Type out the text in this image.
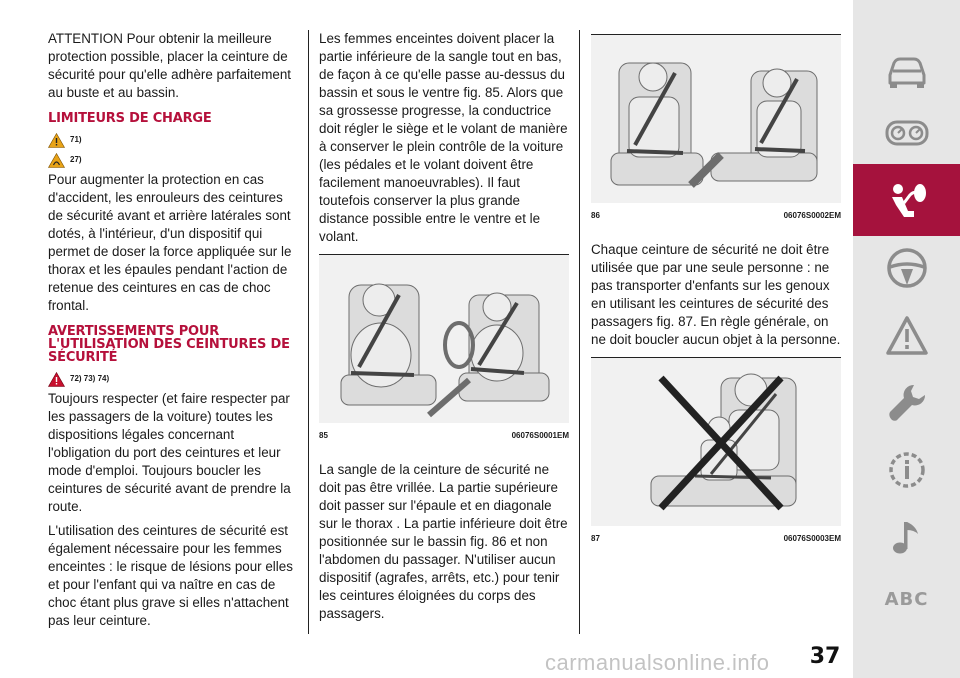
ATTENTION Pour obtenir la meilleure protection possible, placer la ceinture de sécurité pour qu'elle adhère parfaitement au buste et au bassin.

LIMITEURS DE CHARGE
71)
27)

Pour augmenter la protection en cas d'accident, les enrouleurs des ceintures de sécurité avant et arrière latérales sont dotés, à l'intérieur, d'un dispositif qui permet de doser la force appliquée sur le thorax et les épaules pendant l'action de retenue des ceintures en cas de choc frontal.

AVERTISSEMENTS POUR L'UTILISATION DES CEINTURES DE SÉCURITÉ
72) 73) 74)

Toujours respecter (et faire respecter par les passagers de la voiture) toutes les dispositions légales concernant l'obligation du port des ceintures et leur mode d'emploi. Toujours boucler les ceintures de sécurité avant de prendre la route.

L'utilisation des ceintures de sécurité est également nécessaire pour les femmes enceintes : le risque de lésions pour elles et pour l'enfant qui va naître en cas de choc étant plus grave si elles n'attachent pas leur ceinture.

Les femmes enceintes doivent placer la partie inférieure de la sangle tout en bas, de façon à ce qu'elle passe au-dessus du bassin et sous le ventre fig. 85. Alors que sa grossesse progresse, la conductrice doit régler le siège et le volant de manière à conserver le plein contrôle de la voiture (les pédales et le volant doivent être facilement manoeuvrables). Il faut toutefois conserver la plus grande distance possible entre le ventre et le volant.

85	06076S0001EM

La sangle de la ceinture de sécurité ne doit pas être vrillée. La partie supérieure doit passer sur l'épaule et en diagonale sur le thorax . La partie inférieure doit être positionnée sur le bassin fig. 86 et non l'abdomen du passager. N'utiliser aucun dispositif (agrafes, arrêts, etc.) pour tenir les ceintures éloignées du corps des passagers.

86	06076S0002EM

Chaque ceinture de sécurité ne doit être utilisée que par une seule personne : ne pas transporter d'enfants sur les genoux en utilisant les ceintures de sécurité des passagers fig. 87. En règle générale, on ne doit boucler aucun objet à la personne.

87	06076S0003EM
ABC
37
carmanualsonline.info
